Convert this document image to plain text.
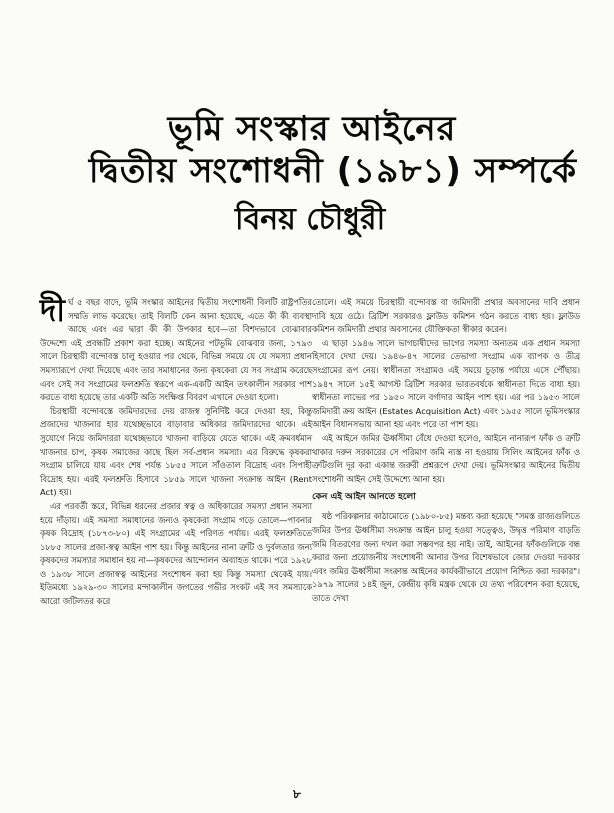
ভূমি সংস্কার আইনের
দ্বিতীয় সংশোধনী (১৯৮১) সম্পর্কে
বিনয় চৌধুরী

দীর্ঘ ৫ বছর বাদে, ভূমি সংস্কার আইনের দ্বিতীয় সংশোধনী বিলটি রাষ্ট্রপতির সম্মতি লাভ করেছে। তাই বিলটি কেন আনা হয়েছে, এতে কী কী ব্যবস্থা আছে এবং এর দ্বারা কী কী উপকার হবে—তা বিশদভাবে ব্যেঝাবার উদ্দেশ্যে এই প্রবন্ধটি প্রকাশ করা হচ্ছে। আইনের পটভূমি বোঝবার জন্য, ১৭৯৩ সালে চিরস্থায়ী বন্দোবস্ত চালু হওয়ার পর থেকে, বিভিন্ন সময়ে যে যে সমস্যা প্রধান সমস্যারূপে দেখা দিয়েছে এবং তার সমাধানের জন্য কৃষকেরা যে সব সংগ্রাম করেছে এবং সেই সব সংগ্রামের ফলশ্রুতি স্বরূপে এক-একটি আইন তৎকালীন সরকার পাশ করতে বাধ্য হয়েছে তার একটি অতি সংক্ষিপ্ত বিবরণ এখানে দেওয়া হলো।

চিরস্থায়ী বন্দোবস্তে জমিদারদের দেয় রাজস্ব সুনির্দিষ্ট করে দেওয়া হয়, কিন্তু প্রজাদের খাজনার হার যথেচ্ছভাবে বাড়াবার অধিকার জমিদারদের থাকে। এই সুযোগে নিয়ে জমিদাররা যথেচ্ছভাবে খাজনা বাড়িয়ে যেতে থাকে। এই ক্রমবর্ধমান খাজনার চাপ, কৃষক সমাজের কাছে ছিল সর্ব-প্রধান সমস্যা। এর বিরুদ্ধে কৃষকরা সংগ্রাম চালিয়ে যায় এবং শেষ পর্যন্ত ১৮৫৫ সালে সাঁওতাল বিদ্রোহ এবং সিপাহী বিদ্রোহ হয়। এরই ফলশ্রুতি হিসাবে ১৮৫৯ সালে খাজনা সংক্রান্ত আইন (Rent Act) হয়।

এর পরবর্তী স্তরে, বিভিন্ন ধরনের প্রজার স্বত্ব ও অধিকারের সমস্যা প্রধান সমস্যা হয়ে দাঁড়ায়। এই সমস্যা সমাধানের জন্যও কৃষকেরা সংগ্রাম গড়ে তোলে—পাবনার কৃষক বিদ্রোহ (১৮৭৩-৮০) এই সংগ্রামের এই পরিণত পর্যায়। এরই ফলশ্রুতিতে ১৮৮৫ সালের প্রজা-স্বত্ব আইন পাশ হয়। কিন্তু আইনের নানা ত্রুটি ও দুর্বলতার জন্য কৃষকদের সমস্যার সমাধান হয় না—কৃষকদের আন্দোলন অব্যাহত থাকে। পরে ১৯২৮ ও ১৯৩৮ সালে প্রজাস্বত্ব আইনের সংশোধন করা হয় কিন্তু সমস্যা থেকেই যায়। ইতিমধ্যে ১৯২৯-৩০ সালের মন্দাকালীন জগতের গভীর সংকট এই সব সমস্যাকে আরো জটিলতর করে

তোলে। এই সময়ে চিরস্থায়ী বন্দোবস্ত বা জমিদারী প্রথার অবসানের দাবি প্রধান দাবি হয়ে ওঠে। ব্রিটিশ সরকারও ফ্লাউড কমিশন গঠন করতে বাধ্য হয়। ফ্লাউড কমিশন জমিদারী প্রথার অবসানের যৌক্তিকতা স্বীকার করেন।

এ ছাড়া ১৯৪৬ সালে ভাগচাষীদের ভাগের সমস্যা অন্যতম এক প্রধান সমস্যা হিসাবে দেখা দেয়। ১৯৪৬-৪৭ সালের তেভাগা সংগ্রাম এক ব্যাপক ও তীব্র সংগ্রামের রূপ নেয়। স্বাধীনতা সংগ্রামও এই সময়ে চূড়ান্ত পর্যায়ে এসে পৌঁছায়। ১৯৪৭ সালে ১৫ই আগস্ট ব্রিটিশ সরকার ভারতবর্ষকে স্বাধীনতা দিতে বাধ্য হয়। স্বাধীনতা লাভের পর ১৯৫০ সালে বর্গাদার আইন পাশ হয়। এর পর ১৯৫৩ সালে জমিদারী ক্রয় আইন (Estates Acquisition Act) এবং ১৯৫৫ সালে ভূমিসংস্কার আইন বিধানসভায় আনা হয় এবং পরে তা পাশ হয়।

এই আইনে জমির ঊর্ধ্বসীমা বেঁধে দেওয়া হলেও, আইনে নানারূপ ফাঁক ও ত্রুটি থাকার দরুন সরকারের সে পরিমাণ জমি ন্যস্ত না হওয়ায় সিলিং আইনের ফাঁক ও ত্রুটিগুলি দূর করা একান্ত জরুরী প্রশ্নরূপে দেখা দেয়। ভূমিসংস্কার আইনের দ্বিতীয় সংশোধনী আইন সেই উদ্দেশ্যে আনা হয়।

কেন এই আইন আনতে হলো

ষষ্ঠ পরিকল্পনার কাঠামোতে (১৯৮০-৮৫) মন্তব্য করা হয়েছে "সমস্ত রাজ্যগুলিতে জমির উপর ঊর্ধ্বসীমা সংক্রান্ত আইন চালু হওয়া সত্ত্বেও, উদ্বৃত্ত পরিমাণ বাড়তি জমি বিতরণের জন্য দখল করা সম্ভবপর হয় নাই। তাই, আইনের ফাঁকগুলিকে বন্ধ করার জন্য প্রয়োজনীয় সংশোধনী আনার উপর বিশেষভাবে জোর দেওয়া দরকার এবং জমির ঊর্ধ্বসীমা সংক্রান্ত আইনের কার্যকরীভাবে প্রয়োগ নিশ্চিত করা দরকার"। ১৯৭৯ সালের ১৪ই জুন, কেন্দ্রীয় কৃষি মন্ত্রক থেকে যে তথ্য পরিবেশন করা হয়েছে, তাতে দেখা

৮
